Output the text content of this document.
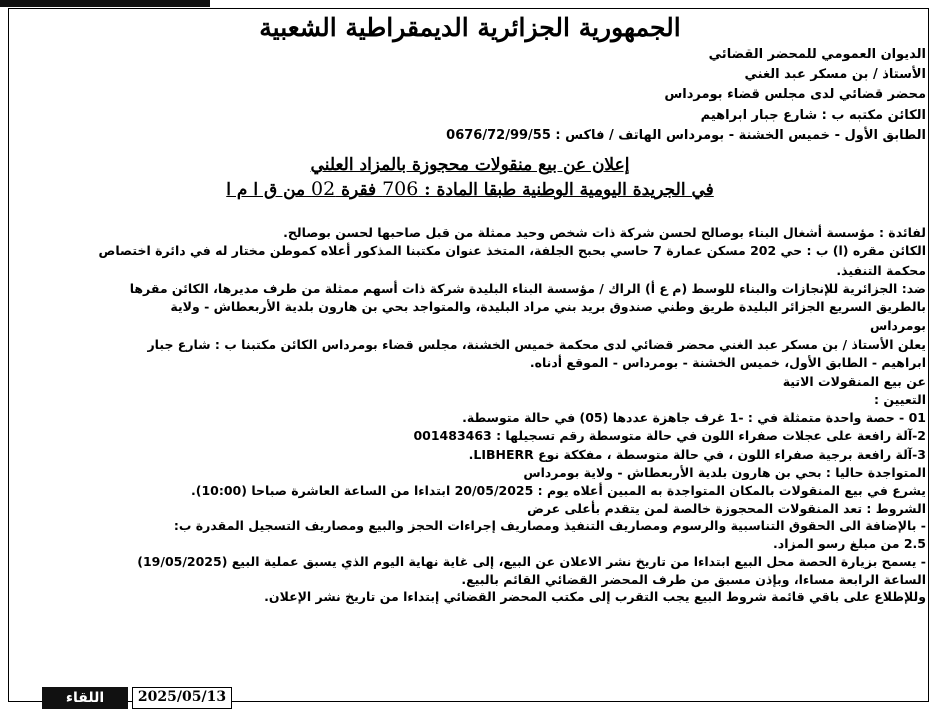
الجمهورية الجزائرية الديمقراطية الشعبية
الديوان العمومي للمحضر القضائي
الأستاذ / بن مسكر عبد الغني
محضر قضائي لدى مجلس قضاء بومرداس
الكائن مكتبه ب : شارع جبار ابراهيم
الطابق الأول - خميس الخشنة - بومرداس الهاتف / فاكس : 0676/72/99/55
إعلان عن بيع منقولات محجوزة بالمزاد العلني
في الجريدة اليومية الوطنية طبقا المادة : 706 فقرة 02 من ق ا م ا
لفائدة : مؤسسة أشغال البناء بوصالح لحسن شركة ذات شخص وحيد ممثلة من قبل صاحبها لحسن بوصالح.
الكائن مقره (ا) ب : حي 202 مسكن عمارة 7 حاسي بحبح الجلفة، المتخذ عنوان مكتبنا المذكور أعلاه كموطن مختار له في دائرة اختصاص
محكمة التنفيذ.
ضد: الجزائرية للإنجازات والبناء للوسط (م ع أ) الراك / مؤسسة البناء البليدة شركة ذات أسهم ممثلة من طرف مديرها، الكائن مقرها
بالطريق السريع الجزائر البليدة طريق وطني صندوق بريد بني مراد البليدة، والمتواجد بحي بن هارون بلدية الأربعطاش - ولاية
بومرداس
يعلن الأستاذ / بن مسكر عبد الغني محضر قضائي لدى محكمة خميس الخشنة، مجلس قضاء بومرداس الكائن مكتبنا ب : شارع جبار
ابراهيم - الطابق الأول، خميس الخشنة - بومرداس - الموقع أدناه.
عن بيع المنقولات الاتية
التعيين :
01 - حصة واحدة متمثلة في : -1 غرف جاهزة عددها (05) في حالة متوسطة.
2-آلة رافعة على عجلات صفراء اللون في حالة متوسطة رقم تسجيلها : 001483463
3-آلة رافعة برجية صفراء اللون ، في حالة متوسطة ، مفككة نوع LIBHERR.
المتواجدة حاليا : بحي بن هارون بلدية الأربعطاش - ولاية بومرداس
يشرع في بيع المنقولات بالمكان المتواجدة به المبين أعلاه يوم : 20/05/2025 ابتداءا من الساعة العاشرة صباحا (10:00).
الشروط : تعد المنقولات المحجوزة خالصة لمن يتقدم بأعلى عرض
- بالإضافة الى الحقوق التناسبية والرسوم ومصاريف التنفيذ ومصاريف إجراءات الحجز والبيع ومصاريف التسجيل المقدرة ب:
2.5 من مبلغ رسو المزاد.
- يسمح بزيارة الحصة محل البيع ابتداءا من تاريخ نشر الاعلان عن البيع، إلى غاية نهاية اليوم الذي يسبق عملية البيع (19/05/2025)
الساعة الرابعة مساءا، وبإذن مسبق من طرف المحضر القضائي القائم بالبيع.
وللإطلاع على باقي قائمة شروط البيع يجب التقرب إلى مكتب المحضر القضائي إبتداءا من تاريخ نشر الإعلان.
اللقاء	2025/05/13
